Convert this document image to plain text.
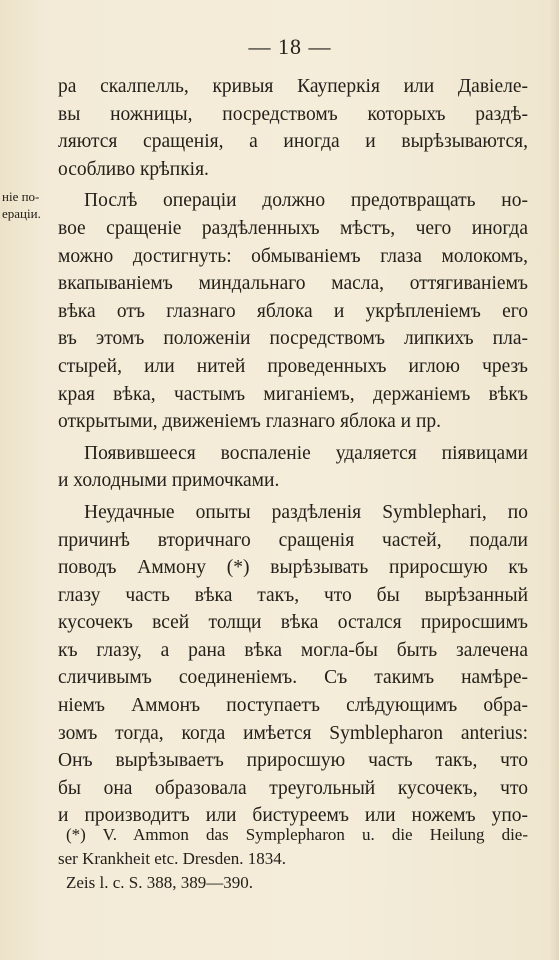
— 18 —
ніе по-
ераціи.
ра скалпелль, кривыя Кауперкія или Давіеле-
вы ножницы, посредствомъ которыхъ раздѣ-
ляются сращенія, а иногда и вырѣзываются,
особливо крѣпкія.
Послѣ операціи должно предотвращать но-
вое сращеніе раздѣленныхъ мѣстъ, чего иногда
можно достигнуть: обмываніемъ глаза молокомъ,
вкапываніемъ миндальнаго масла, оттягиваніемъ
вѣка отъ глазнаго яблока и укрѣпленіемъ его
въ этомъ положеніи посредствомъ липкихъ пла-
стырей, или нитей проведенныхъ иглою чрезъ
края вѣка, частымъ миганіемъ, держаніемъ вѣкъ
открытыми, движеніемъ глазнаго яблока и пр.
Появившееся воспаленіе удаляется піявицами
и холодными примочками.
Неудачные опыты раздѣленія Symblephari, по
причинѣ вторичнаго сращенія частей, подали
поводъ Аммону (*) вырѣзывать приросшую къ
глазу часть вѣка такъ, что бы вырѣзанный
кусочекъ всей толщи вѣка остался приросшимъ
къ глазу, а рана вѣка могла-бы быть залечена
сличивымъ соединеніемъ. Съ такимъ намѣре-
ніемъ Аммонъ поступаетъ слѣдующимъ обра-
зомъ тогда, когда имѣется Symblepharon anterius:
Онъ вырѣзываетъ приросшую часть такъ, что
бы она образовала треугольный кусочекъ, что
и производитъ или бистуреемъ или ножемъ упо-
(*) V. Ammon das Symplepharon u. die Heilung die-
ser Krankheit etc. Dresden. 1834.
Zeis l. c. S. 388, 389—390.
